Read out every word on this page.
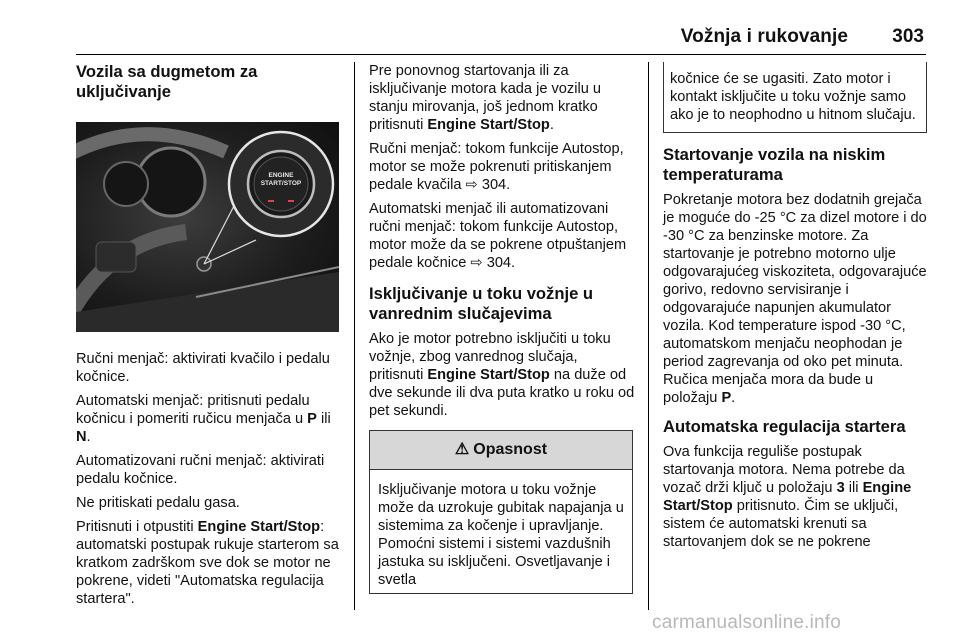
Vožnja i rukovanje 303
Vozila sa dugmetom za uključivanje
ENGINE
START/STOP

Ručni menjač: aktivirati kvačilo i pedalu kočnice.

Automatski menjač: pritisnuti pedalu kočnicu i pomeriti ručicu menjača u P ili N.

Automatizovani ručni menjač: aktivirati pedalu kočnice.

Ne pritiskati pedalu gasa.

Pritisnuti i otpustiti Engine Start/Stop: automatski postupak rukuje starterom sa kratkom zadrškom sve dok se motor ne pokrene, videti "Automatska regulacija startera".

Pre ponovnog startovanja ili za isključivanje motora kada je vozilu u stanju mirovanja, još jednom kratko pritisnuti Engine Start/Stop.

Ručni menjač: tokom funkcije Autostop, motor se može pokrenuti pritiskanjem pedale kvačila ⇨ 304.

Automatski menjač ili automatizovani ručni menjač: tokom funkcije Autostop, motor može da se pokrene otpuštanjem pedale kočnice ⇨ 304.

Isključivanje u toku vožnje u vanrednim slučajevima

Ako je motor potrebno isključiti u toku vožnje, zbog vanrednog slučaja, pritisnuti Engine Start/Stop na duže od dve sekunde ili dva puta kratko u roku od pet sekundi.

⚠ Opasnost
Isključivanje motora u toku vožnje može da uzrokuje gubitak napajanja u sistemima za kočenje i upravljanje. Pomoćni sistemi i sistemi vazdušnih jastuka su isključeni. Osvetljavanje i svetla
kočnice će se ugasiti. Zato motor i kontakt isključite u toku vožnje samo ako je to neophodno u hitnom slučaju.
Startovanje vozila na niskim temperaturama

Pokretanje motora bez dodatnih grejača je moguće do -25 °C za dizel motore i do -30 °C za benzinske motore. Za startovanje je potrebno motorno ulje odgovarajućeg viskoziteta, odgovarajuće gorivo, redovno servisiranje i odgovarajuće napunjen akumulator vozila. Kod temperature ispod -30 °C, automatskom menjaču neophodan je period zagrevanja od oko pet minuta. Ručica menjača mora da bude u položaju P.

Automatska regulacija startera

Ova funkcija reguliše postupak startovanja motora. Nema potrebe da vozač drži ključ u položaju 3 ili Engine Start/Stop pritisnuto. Čim se uključi, sistem će automatski krenuti sa startovanjem dok se ne pokrene

carmanualsonline.info
